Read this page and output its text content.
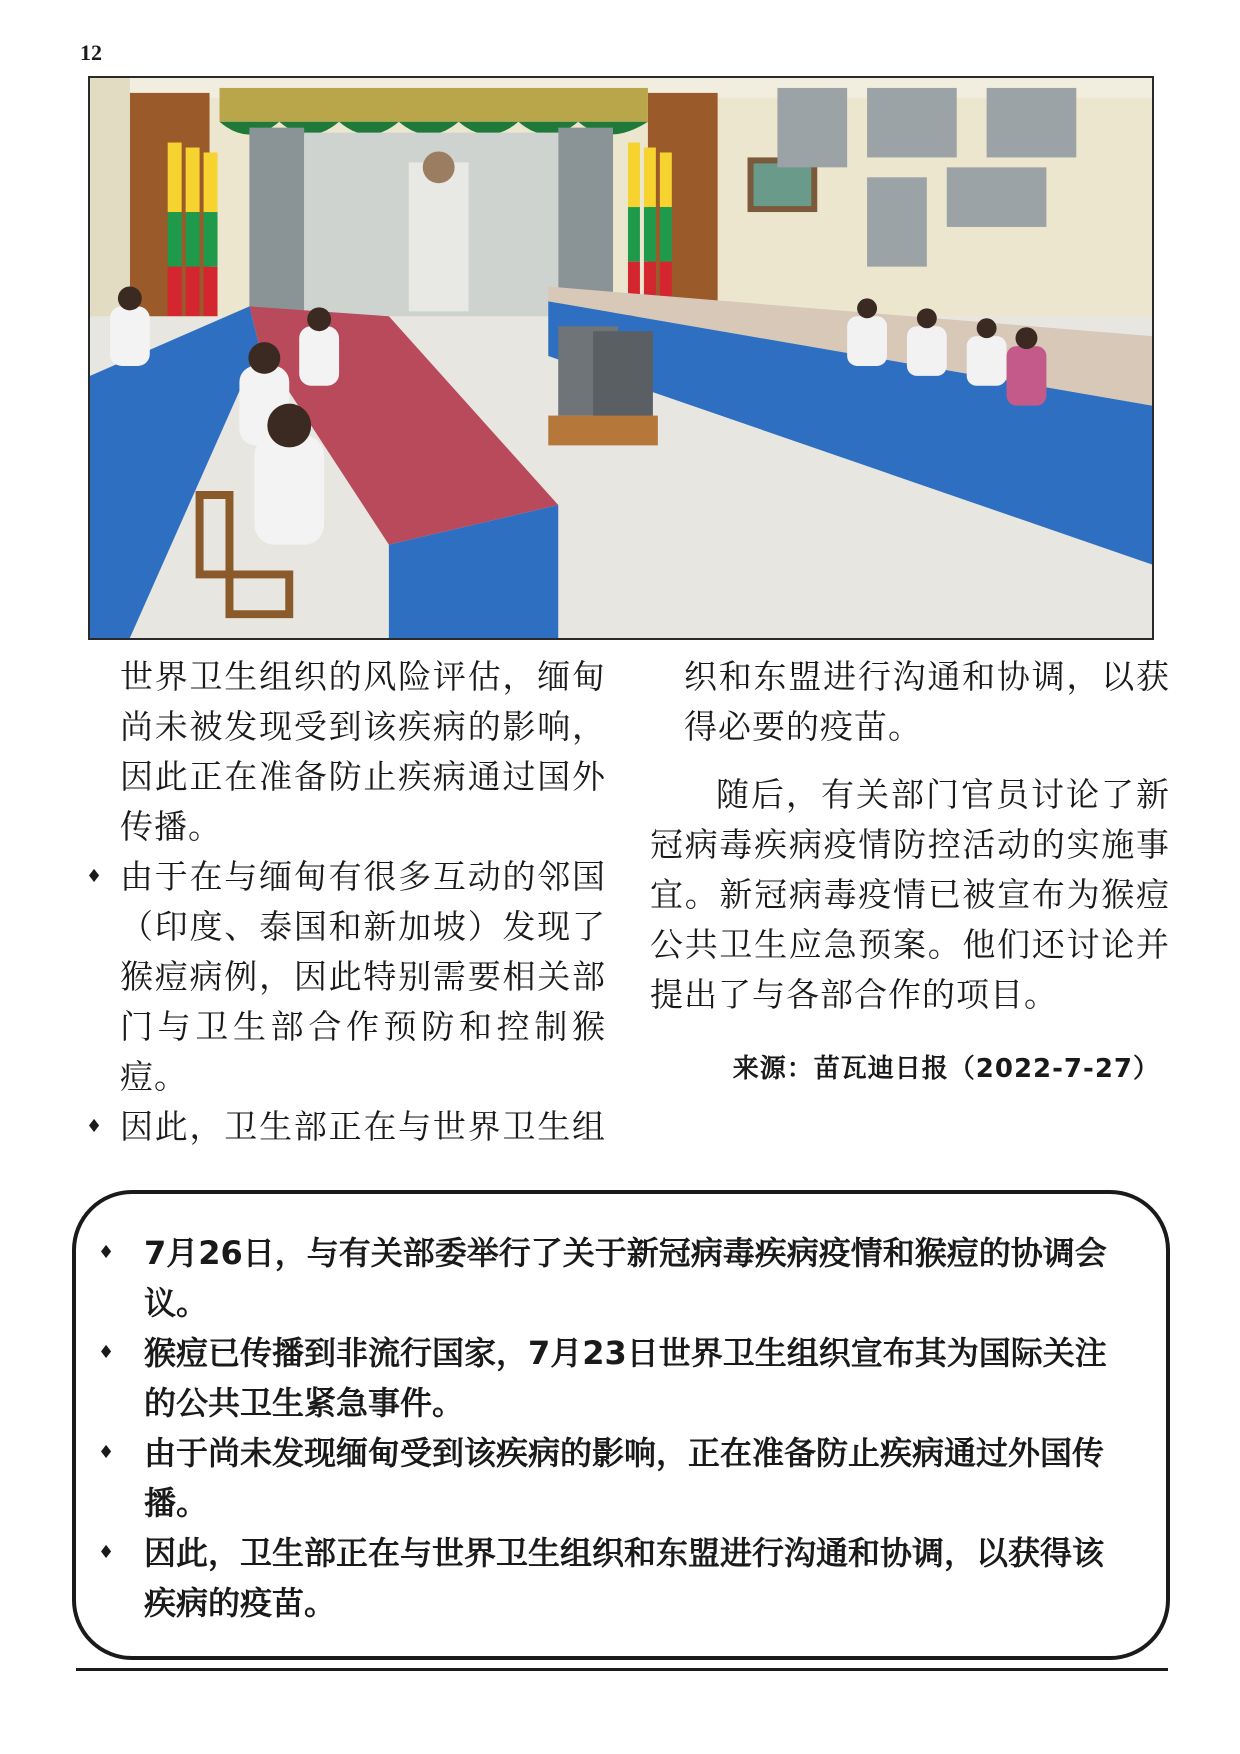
12

世界卫生组织的风险评估，缅甸

尚未被发现受到该疾病的影响，

因此正在准备防止疾病通过国外

传播。

♦ 由于在与缅甸有很多互动的邻国

（印度、泰国和新加坡）发现了

猴痘病例，因此特别需要相关部

门与卫生部合作预防和控制猴

痘。

♦ 因此，卫生部正在与世界卫生组

织和东盟进行沟通和协调，以获

得必要的疫苗。

随后，有关部门官员讨论了新

冠病毒疾病疫情防控活动的实施事

宜。新冠病毒疫情已被宣布为猴痘

公共卫生应急预案。他们还讨论并

提出了与各部合作的项目。

来源：苗瓦迪日报（2022-7-27）
♦ 7月26日，与有关部委举行了关于新冠病毒疾病疫情和猴痘的协调会
议。
♦ 猴痘已传播到非流行国家，7月23日世界卫生组织宣布其为国际关注
的公共卫生紧急事件。
♦ 由于尚未发现缅甸受到该疾病的影响，正在准备防止疾病通过外国传
播。
♦ 因此，卫生部正在与世界卫生组织和东盟进行沟通和协调，以获得该
疾病的疫苗。
